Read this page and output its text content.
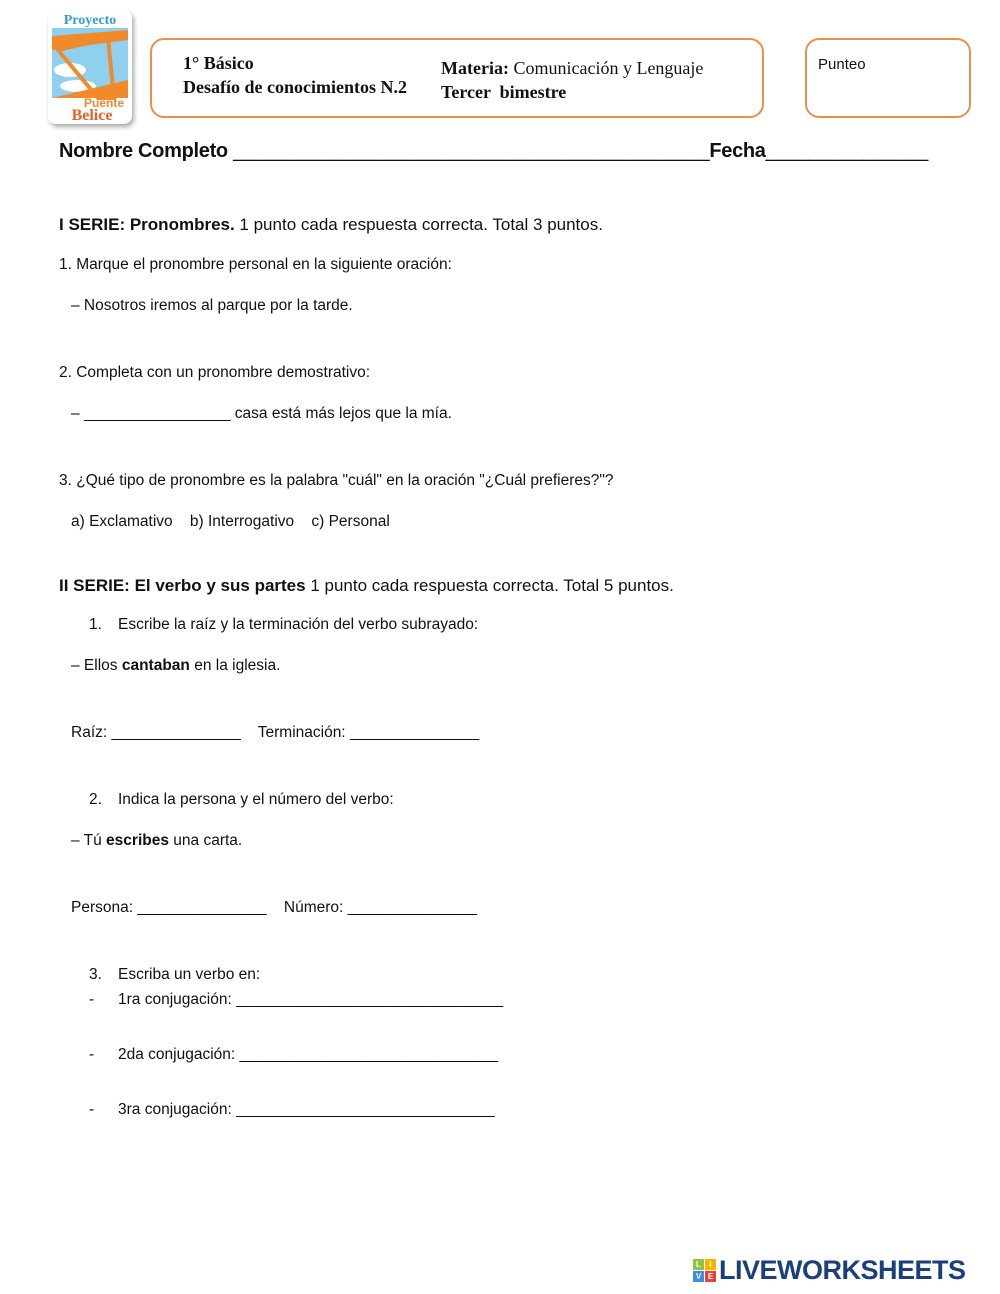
Proyecto
Puente
Belice
1° Básico
Desafío de conocimientos N.2
Materia: Comunicación y Lenguaje
Tercer  bimestre
Punteo
Nombre Completo ____________________________________________Fecha_______________
I SERIE: Pronombres. 1 punto cada respuesta correcta. Total 3 puntos.
1. Marque el pronombre personal en la siguiente oración:
– Nosotros iremos al parque por la tarde.
2. Completa con un pronombre demostrativo:
– _________________ casa está más lejos que la mía.
3. ¿Qué tipo de pronombre es la palabra "cuál" en la oración "¿Cuál prefieres?"?
a) Exclamativo b) Interrogativo c) Personal
II SERIE: El verbo y sus partes 1 punto cada respuesta correcta. Total 5 puntos.
1. Escribe la raíz y la terminación del verbo subrayado:
– Ellos cantaban en la iglesia.
Raíz: _______________ Terminación: _______________
2. Indica la persona y el número del verbo:
– Tú escribes una carta.
Persona: _______________ Número: _______________
3. Escriba un verbo en:
- 1ra conjugación: _______________________________
- 2da conjugación: ______________________________
- 3ra conjugación: ______________________________
L	I
V E LIVEWORKSHEETS
